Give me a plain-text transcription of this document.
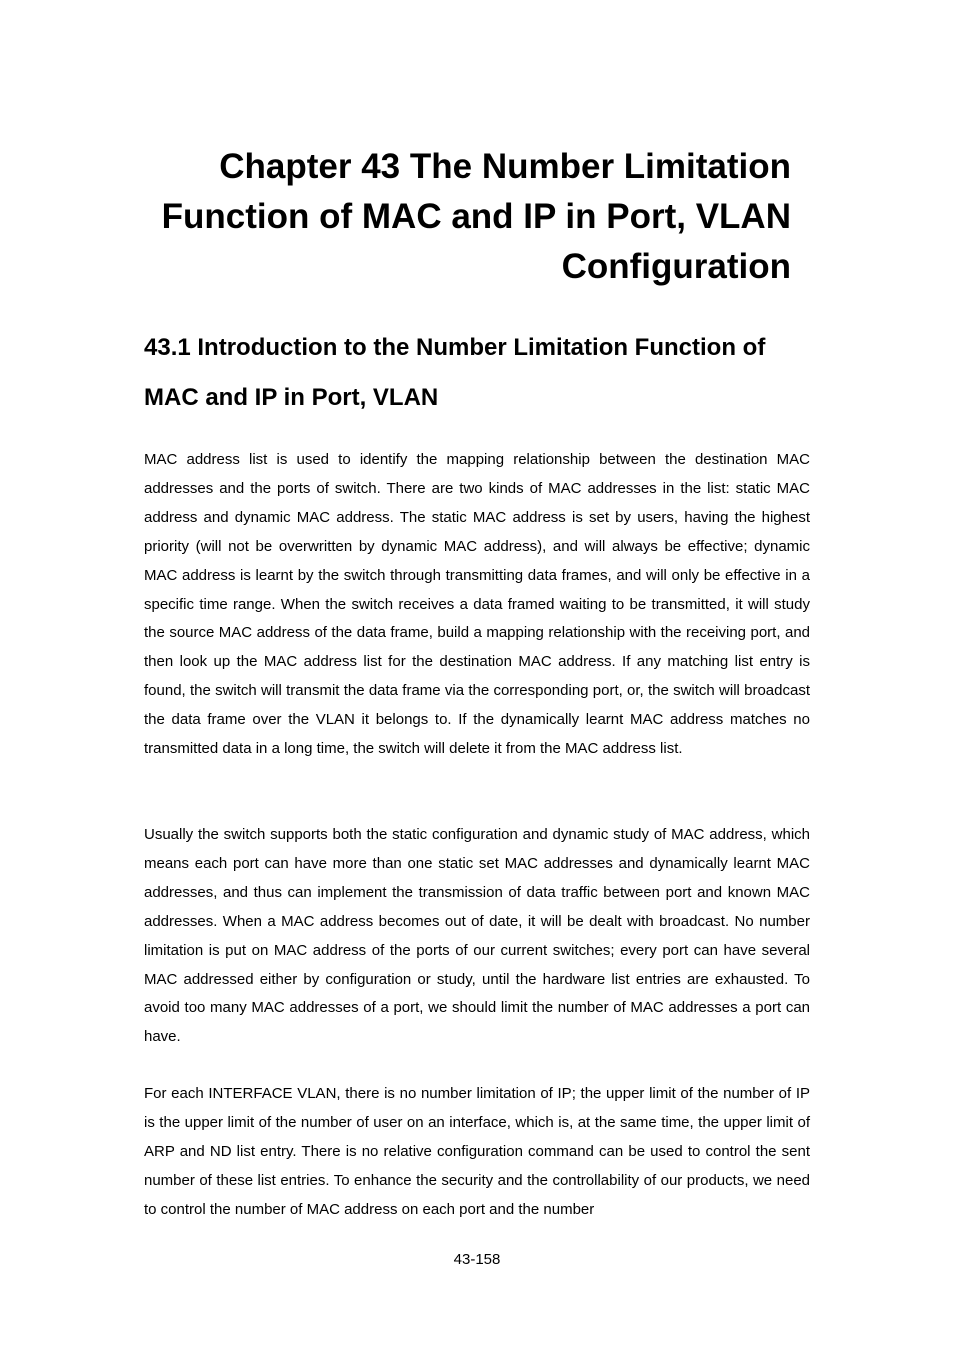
Chapter 43 The Number Limitation Function of MAC and IP in Port, VLAN Configuration
43.1 Introduction to the Number Limitation Function of MAC and IP in Port, VLAN

MAC address list is used to identify the mapping relationship between the destination MAC addresses and the ports of switch. There are two kinds of MAC addresses in the list: static MAC address and dynamic MAC address. The static MAC address is set by users, having the highest priority (will not be overwritten by dynamic MAC address), and will always be effective; dynamic MAC address is learnt by the switch through transmitting data frames, and will only be effective in a specific time range. When the switch receives a data framed waiting to be transmitted, it will study the source MAC address of the data frame, build a mapping relationship with the receiving port, and then look up the MAC address list for the destination MAC address. If any matching list entry is found, the switch will transmit the data frame via the corresponding port, or, the switch will broadcast the data frame over the VLAN it belongs to. If the dynamically learnt MAC address matches no transmitted data in a long time, the switch will delete it from the MAC address list.

Usually the switch supports both the static configuration and dynamic study of MAC address, which means each port can have more than one static set MAC addresses and dynamically learnt MAC addresses, and thus can implement the transmission of data traffic between port and known MAC addresses. When a MAC address becomes out of date, it will be dealt with broadcast. No number limitation is put on MAC address of the ports of our current switches; every port can have several MAC addressed either by configuration or study, until the hardware list entries are exhausted. To avoid too many MAC addresses of a port, we should limit the number of MAC addresses a port can have.

For each INTERFACE VLAN, there is no number limitation of IP; the upper limit of the number of IP is the upper limit of the number of user on an interface, which is, at the same time, the upper limit of ARP and ND list entry. There is no relative configuration command can be used to control the sent number of these list entries. To enhance the security and the controllability of our products, we need to control the number of MAC address on each port and the number

43-158
